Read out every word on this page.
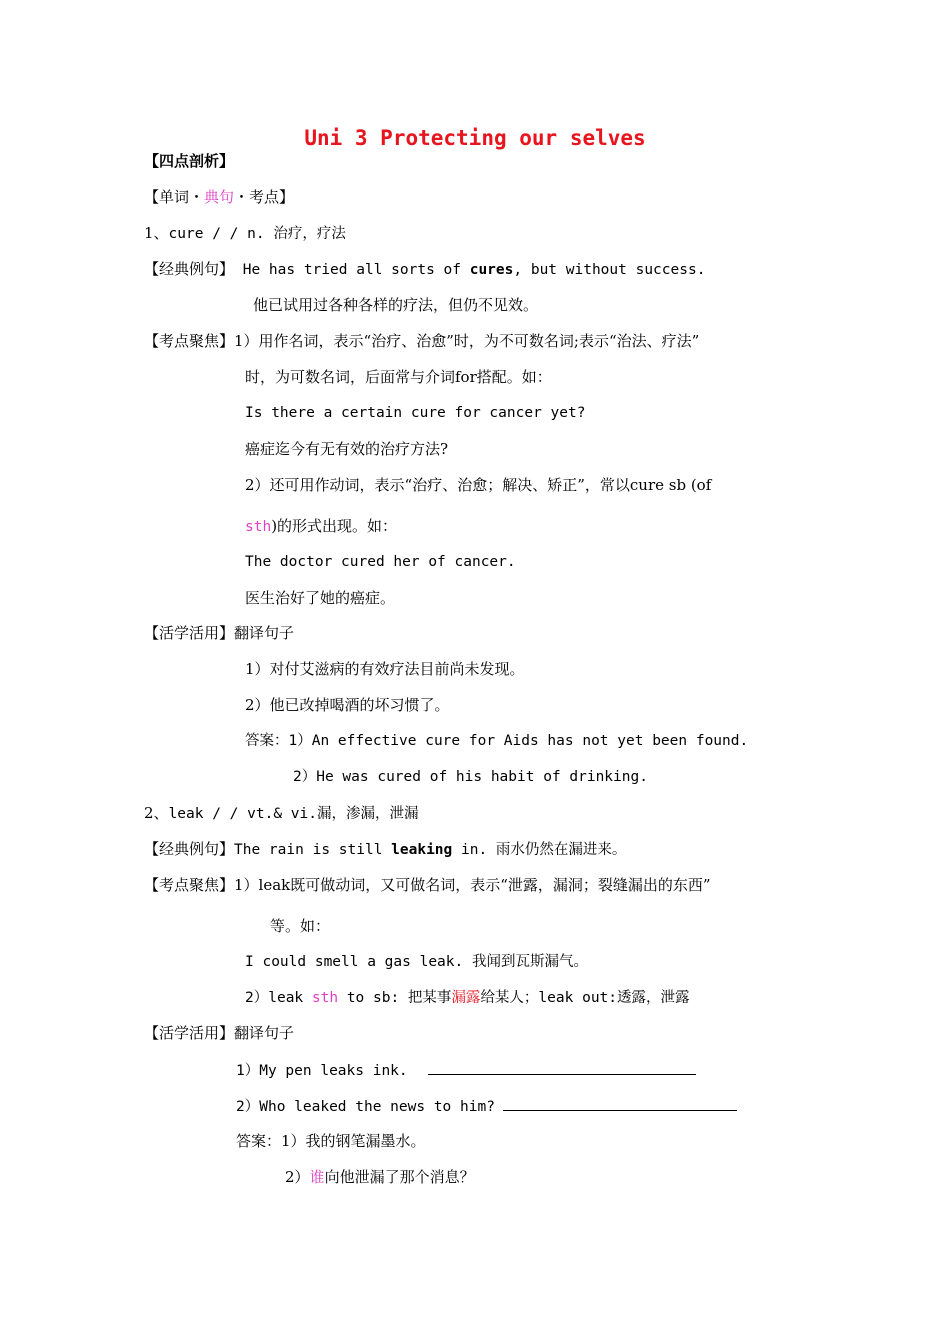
Uni 3 Protecting our selves
【四点剖析】
【单词・典句・考点】
1、cure / / n. 治疗，疗法
【经典例句】 He has tried all sorts of cures, but without success.
他已试用过各种各样的疗法，但仍不见效。
【考点聚焦】1）用作名词，表示“治疗、治愈”时，为不可数名词;表示“治法、疗法”
时，为可数名词，后面常与介词for搭配。如：
Is there a certain cure for cancer yet?
癌症迄今有无有效的治疗方法?
2）还可用作动词，表示“治疗、治愈；解决、矫正”，常以cure sb (of
sth)的形式出现。如：
The doctor cured her of cancer.
医生治好了她的癌症。
【活学活用】翻译句子
1）对付艾滋病的有效疗法目前尚未发现。
2）他已改掉喝酒的坏习惯了。
答案：1）An effective cure for Aids has not yet been found.
2）He was cured of his habit of drinking.
2、leak / / vt.& vi.漏，渗漏，泄漏
【经典例句】The rain is still leaking in. 雨水仍然在漏进来。
【考点聚焦】1）leak既可做动词，又可做名词，表示“泄露，漏洞；裂缝漏出的东西”
等。如：
I could smell a gas leak. 我闻到瓦斯漏气。
2）leak sth to sb: 把某事漏露给某人；leak out:透露，泄露
【活学活用】翻译句子
1）My pen leaks ink.
2）Who leaked the news to him?
答案：1）我的钢笔漏墨水。
2）谁向他泄漏了那个消息？
